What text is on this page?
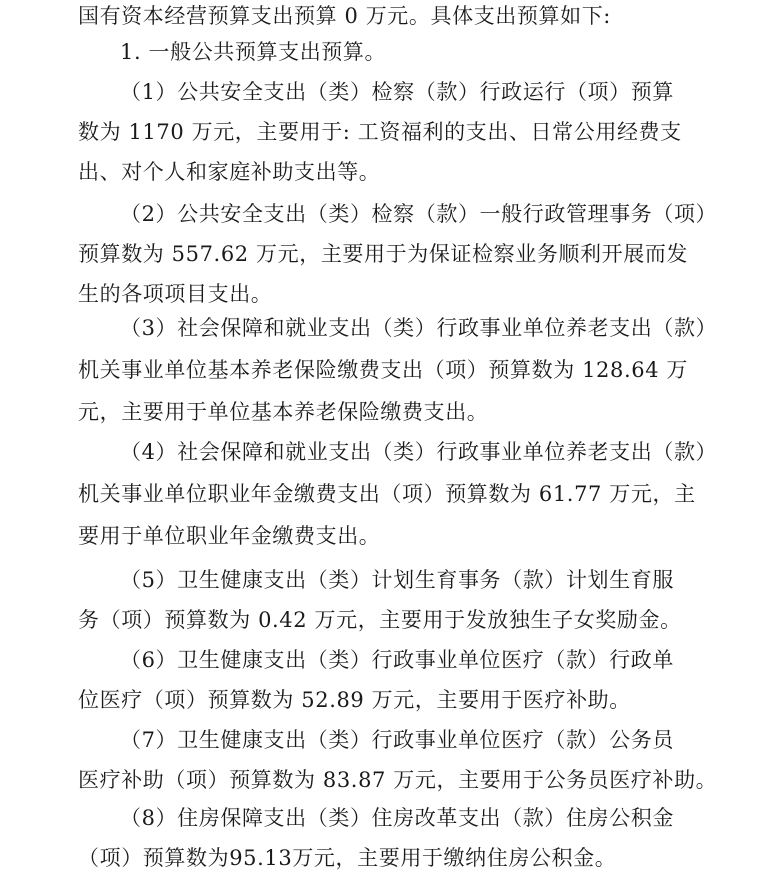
国有资本经营预算支出预算 0 万元。具体支出预算如下:
1. 一般公共预算支出预算。
（1）公共安全支出（类）检察（款）行政运行（项）预算
数为 1170 万元，主要用于: 工资福利的支出、日常公用经费支
出、对个人和家庭补助支出等。
（2）公共安全支出（类）检察（款）一般行政管理事务（项）
预算数为 557.62 万元，主要用于为保证检察业务顺利开展而发
生的各项项目支出。
（3）社会保障和就业支出（类）行政事业单位养老支出（款）
机关事业单位基本养老保险缴费支出（项）预算数为 128.64 万
元，主要用于单位基本养老保险缴费支出。
（4）社会保障和就业支出（类）行政事业单位养老支出（款）
机关事业单位职业年金缴费支出（项）预算数为 61.77 万元，主
要用于单位职业年金缴费支出。
（5）卫生健康支出（类）计划生育事务（款）计划生育服
务（项）预算数为 0.42 万元，主要用于发放独生子女奖励金。
（6）卫生健康支出（类）行政事业单位医疗（款）行政单
位医疗（项）预算数为 52.89 万元，主要用于医疗补助。
（7）卫生健康支出（类）行政事业单位医疗（款）公务员
医疗补助（项）预算数为 83.87 万元，主要用于公务员医疗补助。
（8）住房保障支出（类）住房改革支出（款）住房公积金
（项）预算数为95.13万元，主要用于缴纳住房公积金。
